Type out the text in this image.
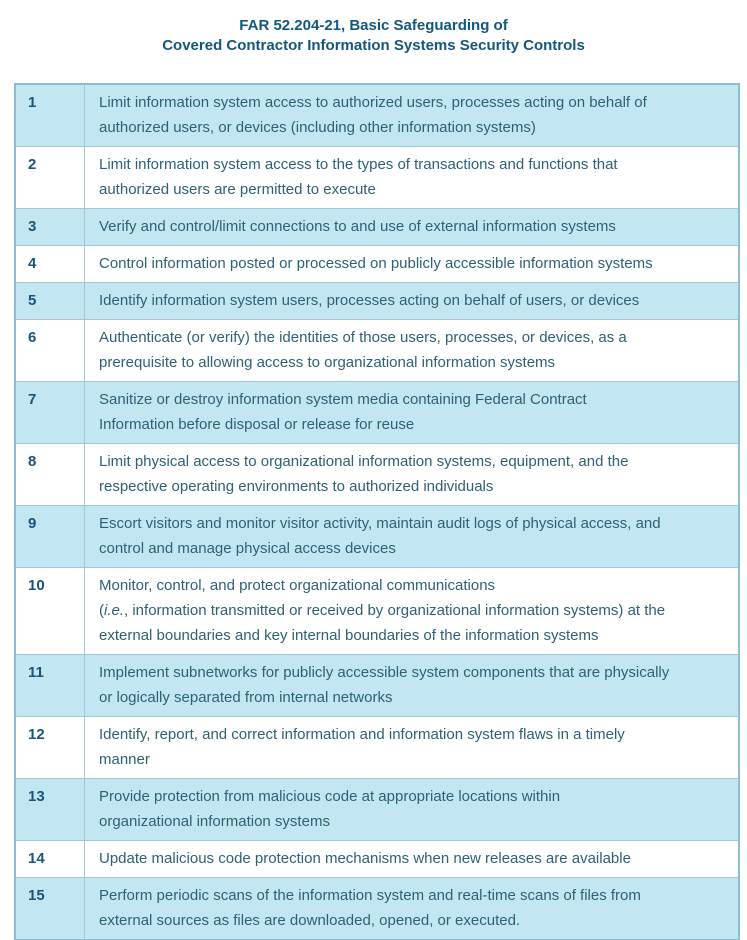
FAR 52.204-21, Basic Safeguarding of
Covered Contractor Information Systems Security Controls
1	Limit information system access to authorized users, processes acting on behalf of
authorized users, or devices (including other information systems)

2	Limit information system access to the types of transactions and functions that
authorized users are permitted to execute

3	Verify and control/limit connections to and use of external information systems

4	Control information posted or processed on publicly accessible information systems

5	Identify information system users, processes acting on behalf of users, or devices

6	Authenticate (or verify) the identities of those users, processes, or devices, as a
prerequisite to allowing access to organizational information systems

7	Sanitize or destroy information system media containing Federal Contract
Information before disposal or release for reuse

8	Limit physical access to organizational information systems, equipment, and the
respective operating environments to authorized individuals

9	Escort visitors and monitor visitor activity, maintain audit logs of physical access, and
control and manage physical access devices

10	Monitor, control, and protect organizational communications
(i.e., information transmitted or received by organizational information systems) at the
external boundaries and key internal boundaries of the information systems

11	Implement subnetworks for publicly accessible system components that are physically
or logically separated from internal networks

12	Identify, report, and correct information and information system flaws in a timely
manner

13	Provide protection from malicious code at appropriate locations within
organizational information systems

14	Update malicious code protection mechanisms when new releases are available

15	Perform periodic scans of the information system and real-time scans of files from
external sources as files are downloaded, opened, or executed.
